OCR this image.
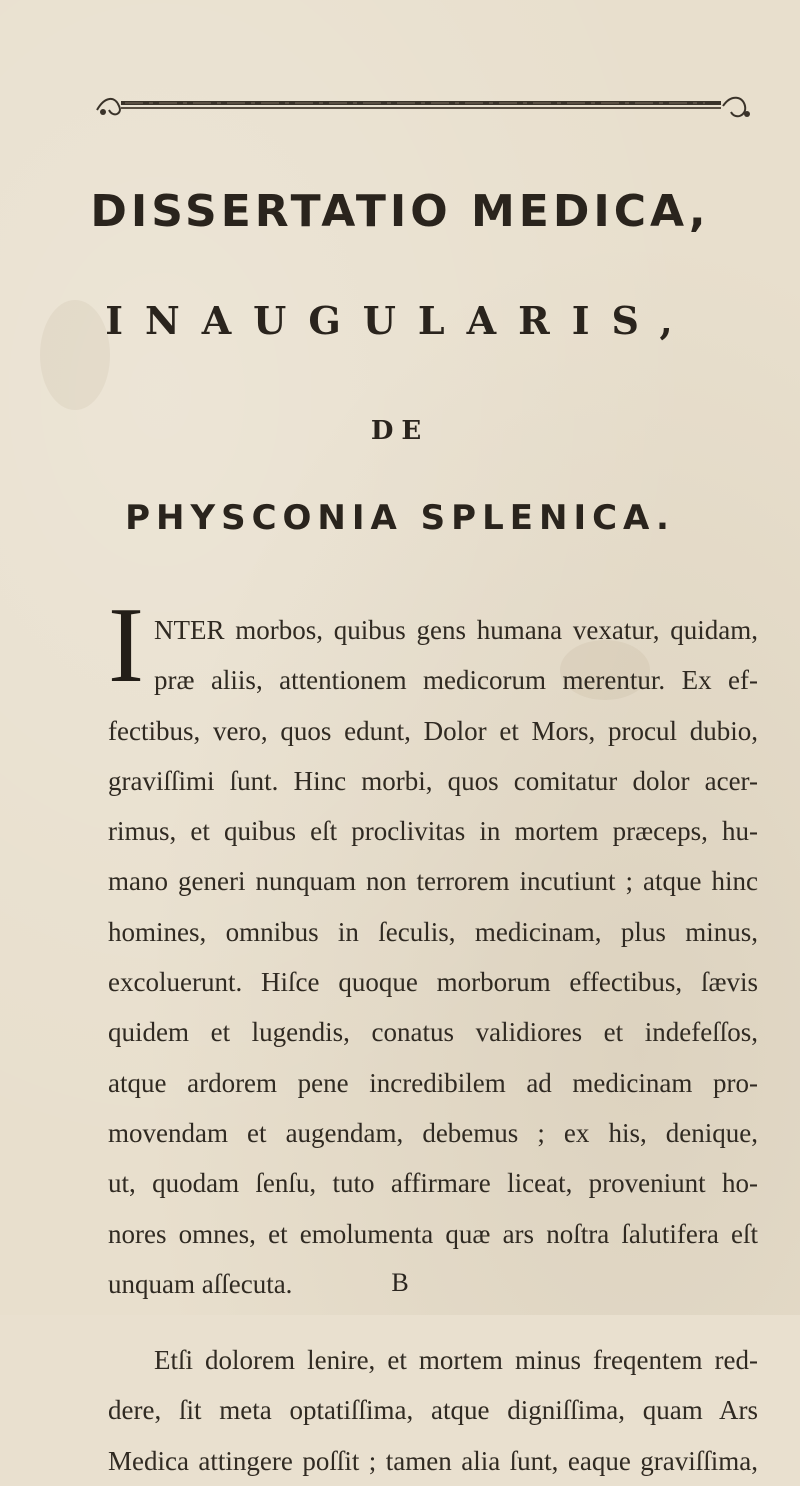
DISSERTATIO MEDICA,
INAUGULARIS,
DE
PHYSCONIA SPLENICA.
I NTER morbos, quibus gens humana vexatur, quidam,
præ aliis, attentionem medicorum merentur. Ex ef-
fectibus, vero, quos edunt, Dolor et Mors, procul dubio,
graviſſimi ſunt. Hinc morbi, quos comitatur dolor acer-
rimus, et quibus eſt proclivitas in mortem præceps, hu-
mano generi nunquam non terrorem incutiunt ; atque hinc
homines, omnibus in ſeculis, medicinam, plus minus,
excoluerunt. Hiſce quoque morborum effectibus, ſævis
quidem et lugendis, conatus validiores et indefeſſos,
atque ardorem pene incredibilem ad medicinam pro-
movendam et augendam, debemus ; ex his, denique,
ut, quodam ſenſu, tuto affirmare liceat, proveniunt ho-
nores omnes, et emolumenta quæ ars noſtra ſalutifera eſt
unquam aſſecuta.
Etſi dolorem lenire, et mortem minus freqentem red-
dere, ſit meta optatiſſima, atque digniſſima, quam Ars
Medica attingere poſſit ; tamen alia ſunt, eaque graviſſima,
B
